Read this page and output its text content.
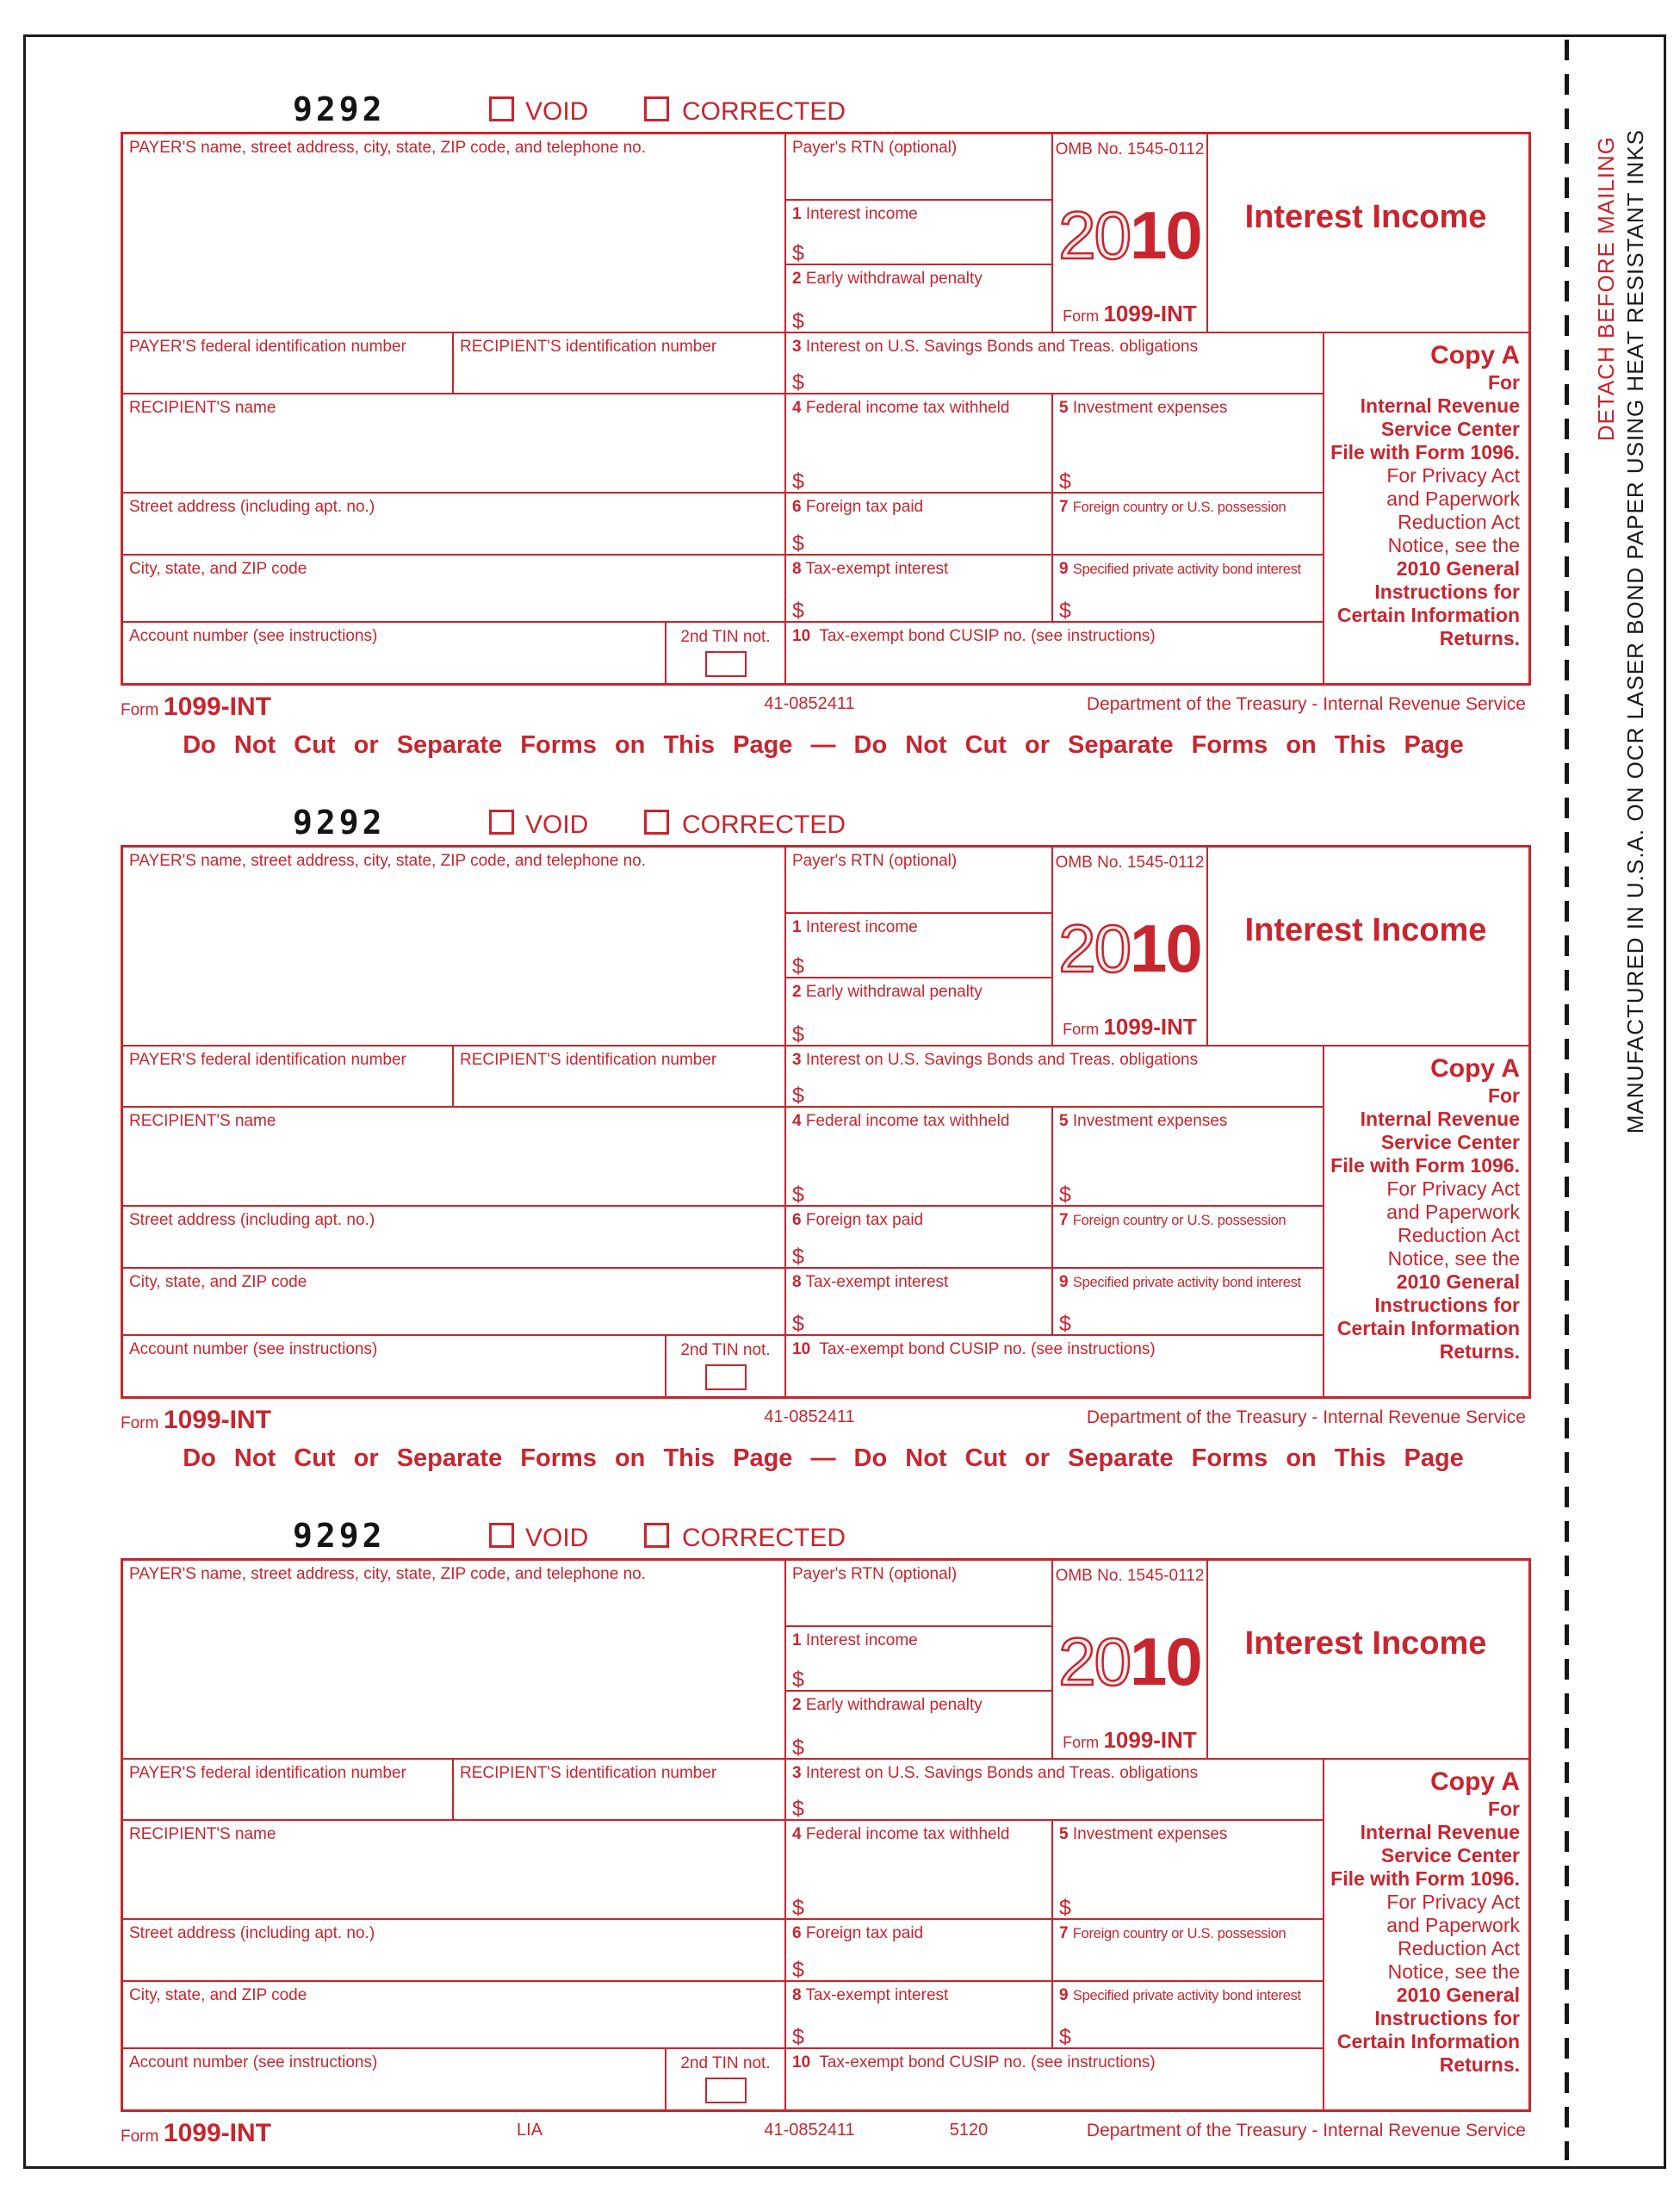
DETACH BEFORE MAILING MANUFACTURED IN U.S.A. ON OCR LASER BOND PAPER USING HEAT RESISTANT INKS
9292	VOID	CORRECTED
PAYER'S name, street address, city, state, ZIP code, and telephone no.	Payer's RTN (optional)
1 Interest income
$
2 Early withdrawal penalty
$
OMB No. 1545-0112
2010
Form 1099-INT
Interest Income
PAYER'S federal identification number	RECIPIENT'S identification number	3 Interest on U.S. Savings Bonds and Treas. obligations
$
Copy A
For
Internal Revenue
Service Center
File with Form 1096.
For Privacy Act
and Paperwork
Reduction Act
Notice, see the
2010 General
Instructions for
Certain Information
Returns.
RECIPIENT'S name	4 Federal income tax withheld
$
5 Investment expenses
$
Street address (including apt. no.)	6 Foreign tax paid
$
7 Foreign country or U.S. possession
City, state, and ZIP code	8 Tax-exempt interest
$
9 Specified private activity bond interest
$
Account number (see instructions)	2nd TIN not.	10 Tax-exempt bond CUSIP no. (see instructions)
Form 1099-INT	41-0852411	Department of the Treasury - Internal Revenue Service
Do Not Cut or Separate Forms on This Page — Do Not Cut or Separate Forms on This Page
9292	VOID	CORRECTED
PAYER'S name, street address, city, state, ZIP code, and telephone no.	Payer's RTN (optional)
1 Interest income
$
2 Early withdrawal penalty
$
OMB No. 1545-0112
2010
Form 1099-INT
Interest Income
PAYER'S federal identification number	RECIPIENT'S identification number	3 Interest on U.S. Savings Bonds and Treas. obligations
$
Copy A
For
Internal Revenue
Service Center
File with Form 1096.
For Privacy Act
and Paperwork
Reduction Act
Notice, see the
2010 General
Instructions for
Certain Information
Returns.
RECIPIENT'S name	4 Federal income tax withheld
$
5 Investment expenses
$
Street address (including apt. no.)	6 Foreign tax paid
$
7 Foreign country or U.S. possession
City, state, and ZIP code	8 Tax-exempt interest
$
9 Specified private activity bond interest
$
Account number (see instructions)	2nd TIN not.	10 Tax-exempt bond CUSIP no. (see instructions)
Form 1099-INT	41-0852411	Department of the Treasury - Internal Revenue Service
Do Not Cut or Separate Forms on This Page — Do Not Cut or Separate Forms on This Page
9292	VOID	CORRECTED
PAYER'S name, street address, city, state, ZIP code, and telephone no.	Payer's RTN (optional)
1 Interest income
$
2 Early withdrawal penalty
$
OMB No. 1545-0112
2010
Form 1099-INT
Interest Income
PAYER'S federal identification number	RECIPIENT'S identification number	3 Interest on U.S. Savings Bonds and Treas. obligations
$
Copy A
For
Internal Revenue
Service Center
File with Form 1096.
For Privacy Act
and Paperwork
Reduction Act
Notice, see the
2010 General
Instructions for
Certain Information
Returns.
RECIPIENT'S name	4 Federal income tax withheld
$
5 Investment expenses
$
Street address (including apt. no.)	6 Foreign tax paid
$
7 Foreign country or U.S. possession
City, state, and ZIP code	8 Tax-exempt interest
$
9 Specified private activity bond interest
$
Account number (see instructions)	2nd TIN not.	10 Tax-exempt bond CUSIP no. (see instructions)
Form 1099-INT	LIA	41-0852411	5120	Department of the Treasury - Internal Revenue Service
